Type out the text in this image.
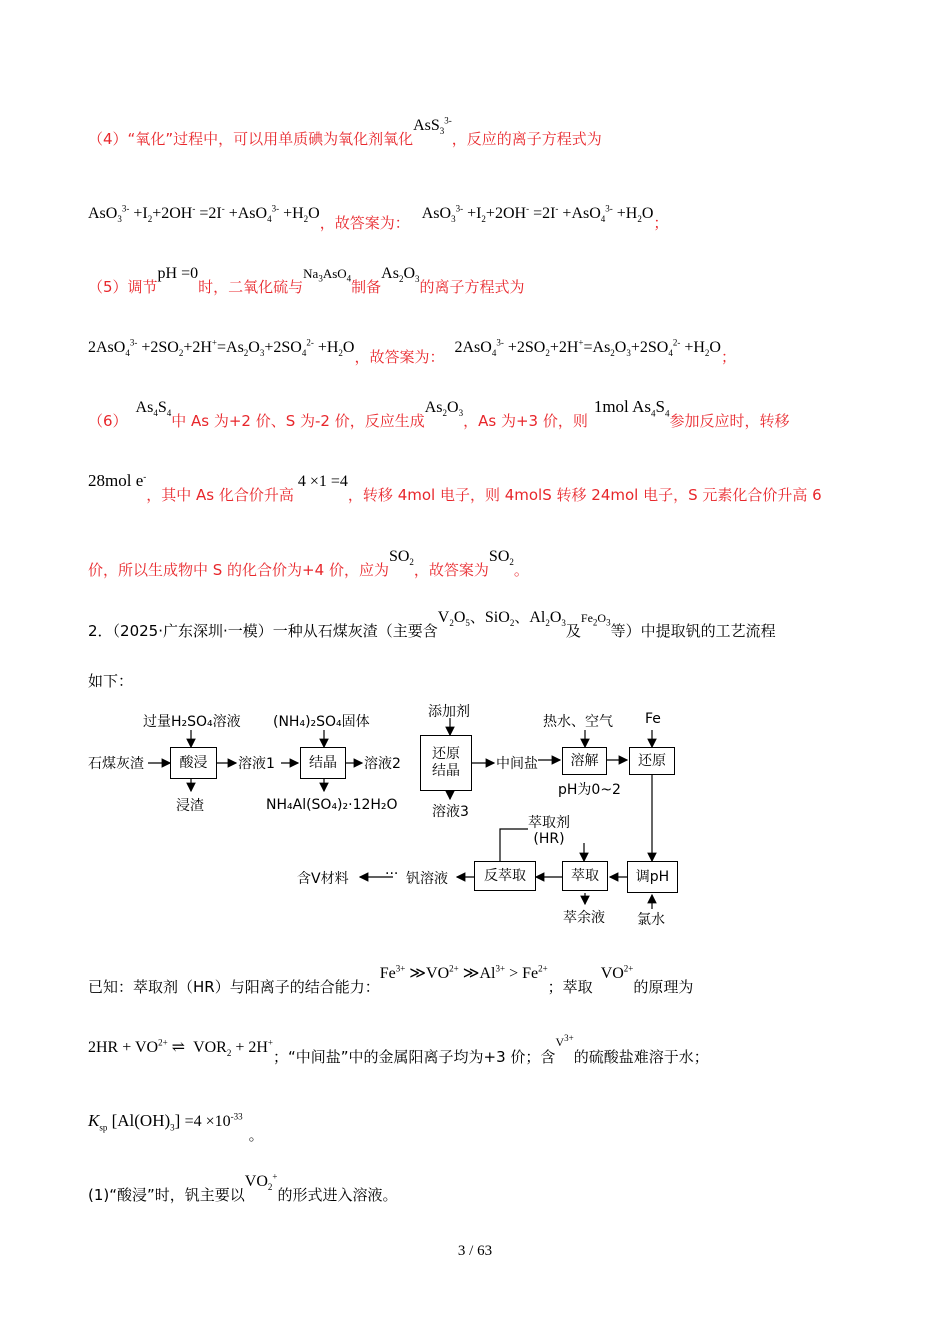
（4）“氧化”过程中，可以用单质碘为氧化剂氧化AsS$_3^{3-}$，反应的离子方程式为
$AsO_3^{3-} +I_2+2OH^- =2I^- +AsO_4^{3-} +H_2O$，故答案为：$AsO_3^{3-} +I_2+2OH^- =2I^- +AsO_4^{3-} +H_2O$；
（5）调节pH =0时，二氧化硫与$Na_3AsO_4$制备$As_2O_3$的离子方程式为
$2AsO_4^{3-} +2SO_2+2H^+=As_2O_3+2SO_4^{2-} +H_2O$，故答案为：$2AsO_4^{3-} +2SO_2+2H^+=As_2O_3+2SO_4^{2-} +H_2O$；
$(6)As_4S_4$中 As 为+2 价、S 为-2 价，反应生成$As_2O_3$，As 为+3 价，则1mol $As_4S_4$参加反应时，转移
28mol e-，其中 As 化合价升高4 ×1 =4，转移 4mol 电子，则 4molS 转移 24mol 电子，S 元素化合价升高 6
价，所以生成物中 S 的化合价为+4 价，应为$SO_2$，故答案为$SO_2$。
2．（2025·广东深圳·一模）一种从石煤灰渣（主要含$V_2O_5$、SiO$_2$、$Al_2O_3$及$Fe_2O_3$等）中提取钒的工艺流程
如下：
过量H₂SO₄溶液 (NH₄)₂SO₄固体
添加剂
热水、空气 Fe
石煤灰渣	酸浸	溶液1	结晶	溶液2
还原
结晶	中间盐	溶解	还原
浸渣	NH₄Al(SO₄)₂·12H₂O 溶液3
pH为0~2
萃取剂
(HR)
含V材料	··· 钒溶液	反萃取	萃取	调pH
萃余液 氯水
已知：萃取剂（HR）与阳离子的结合能力：$Fe^{3+}$ $≫VO^{2+}$ $≫Al^{3+} > Fe^{2+}$；萃取$VO^{2+}$的原理为
$2HR + VO^{2+}$ ⇌  $VOR_2 + 2H^+$；“中间盐”中的金属阳离子均为+3 价；含$^{V^{3+}}$的硫酸盐难溶于水；
$K_{sp}$ $[Al(OH)_3] =4 \times 10^{-33}$。
(1)“酸浸”时，钒主要以$VO_2^+$的形式进入溶液。
3 / 63
